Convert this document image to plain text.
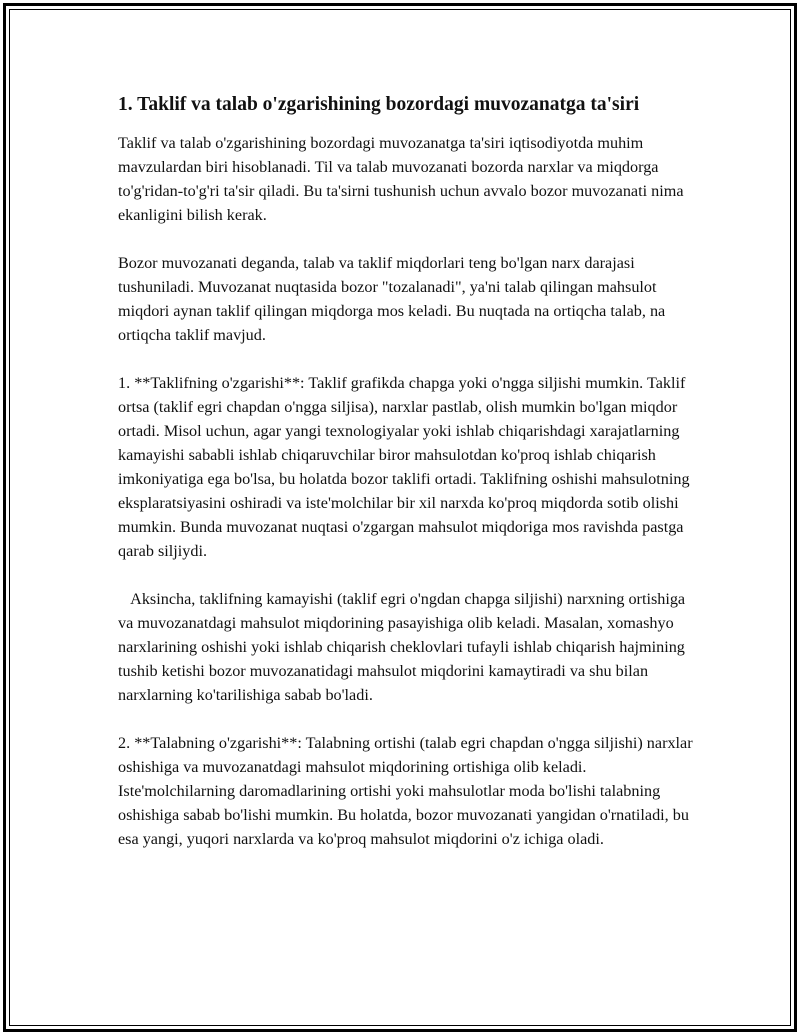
1. Taklif va talab o'zgarishining bozordagi muvozanatga ta'siri

Taklif va talab o'zgarishining bozordagi muvozanatga ta'siri iqtisodiyotda muhim mavzulardan biri hisoblanadi. Til va talab muvozanati bozorda narxlar va miqdorga to'g'ridan-to'g'ri ta'sir qiladi. Bu ta'sirni tushunish uchun avvalo bozor muvozanati nima ekanligini bilish kerak.

Bozor muvozanati deganda, talab va taklif miqdorlari teng bo'lgan narx darajasi tushuniladi. Muvozanat nuqtasida bozor "tozalanadi", ya'ni talab qilingan mahsulot miqdori aynan taklif qilingan miqdorga mos keladi. Bu nuqtada na ortiqcha talab, na ortiqcha taklif mavjud.

1. **Taklifning o'zgarishi**: Taklif grafikda chapga yoki o'ngga siljishi mumkin. Taklif ortsa (taklif egri chapdan o'ngga siljisa), narxlar pastlab, olish mumkin bo'lgan miqdor ortadi. Misol uchun, agar yangi texnologiyalar yoki ishlab chiqarishdagi xarajatlarning kamayishi sababli ishlab chiqaruvchilar biror mahsulotdan ko'proq ishlab chiqarish imkoniyatiga ega bo'lsa, bu holatda bozor taklifi ortadi. Taklifning oshishi mahsulotning eksplaratsiyasini oshiradi va iste'molchilar bir xil narxda ko'proq miqdorda sotib olishi mumkin. Bunda muvozanat nuqtasi o'zgargan mahsulot miqdoriga mos ravishda pastga qarab siljiydi.

Aksincha, taklifning kamayishi (taklif egri o'ngdan chapga siljishi) narxning ortishiga va muvozanatdagi mahsulot miqdorining pasayishiga olib keladi. Masalan, xomashyo narxlarining oshishi yoki ishlab chiqarish cheklovlari tufayli ishlab chiqarish hajmining tushib ketishi bozor muvozanatidagi mahsulot miqdorini kamaytiradi va shu bilan narxlarning ko'tarilishiga sabab bo'ladi.

2. **Talabning o'zgarishi**: Talabning ortishi (talab egri chapdan o'ngga siljishi) narxlar oshishiga va muvozanatdagi mahsulot miqdorining ortishiga olib keladi. Iste'molchilarning daromadlarining ortishi yoki mahsulotlar moda bo'lishi talabning oshishiga sabab bo'lishi mumkin. Bu holatda, bozor muvozanati yangidan o'rnatiladi, bu esa yangi, yuqori narxlarda va ko'proq mahsulot miqdorini o'z ichiga oladi.
